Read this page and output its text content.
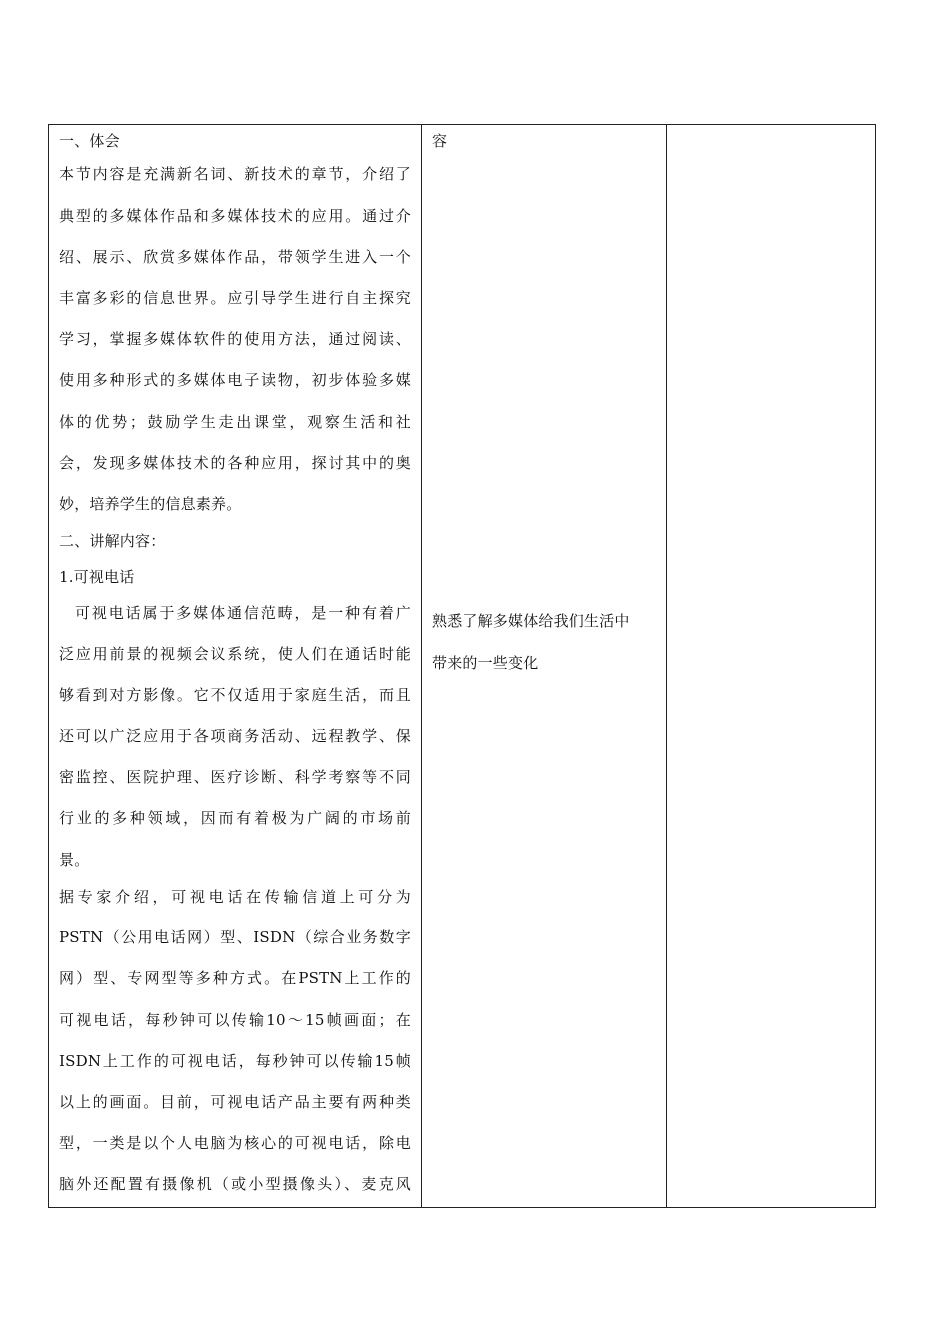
一、体会
本节内容是充满新名词、新技术的章节，介绍了
典型的多媒体作品和多媒体技术的应用。通过介
绍、展示、欣赏多媒体作品，带领学生进入一个
丰富多彩的信息世界。应引导学生进行自主探究
学习，掌握多媒体软件的使用方法，通过阅读、
使用多种形式的多媒体电子读物，初步体验多媒
体的优势；鼓励学生走出课堂，观察生活和社
会，发现多媒体技术的各种应用，探讨其中的奥
妙，培养学生的信息素养。
二、讲解内容：
1.可视电话
可视电话属于多媒体通信范畴，是一种有着广
泛应用前景的视频会议系统，使人们在通话时能
够看到对方影像。它不仅适用于家庭生活，而且
还可以广泛应用于各项商务活动、远程教学、保
密监控、医院护理、医疗诊断、科学考察等不同
行业的多种领域，因而有着极为广阔的市场前
景。
据专家介绍，可视电话在传输信道上可分为
PSTN（公用电话网）型、ISDN（综合业务数字
网）型、专网型等多种方式。在PSTN上工作的
可视电话，每秒钟可以传输10～15帧画面；在
ISDN上工作的可视电话，每秒钟可以传输15帧
以上的画面。目前，可视电话产品主要有两种类
型，一类是以个人电脑为核心的可视电话，除电
脑外还配置有摄像机（或小型摄像头）、麦克风
容
熟悉了解多媒体给我们生活中
带来的一些变化
